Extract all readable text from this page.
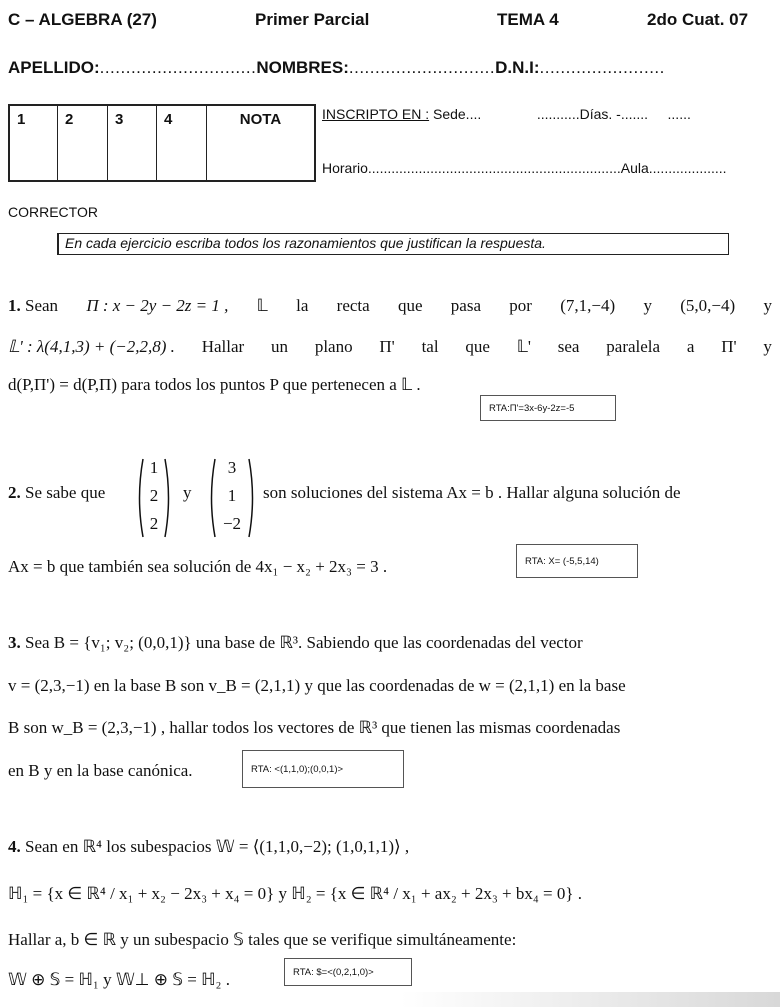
C – ALGEBRA (27)	Primer Parcial	TEMA 4	2do Cuat. 07
APELLIDO:..............................NOMBRES:............................D.N.I:........................
1	2	3	4	NOTA	INSCRIPTO EN : Sede....	...........Días. -.......     ......
Horario.................................................................Aula....................
CORRECTOR
En cada ejercicio escriba todos los razonamientos que justifican la respuesta.
1. Sean Π : x − 2y − 2z = 1 , 𝕃 la recta que pasa por (7,1,−4) y (5,0,−4) y
𝕃' : λ(4,1,3) + (−2,2,8) . Hallar un plano Π' tal que 𝕃' sea paralela a Π' y
d(P,Π') = d(P,Π) para todos los puntos P que pertenecen a 𝕃 .
RTA:Π'=3x-6y-2z=-5
2. Se sabe que
1
2
2
y
3
1
−2
son soluciones del sistema Ax = b . Hallar alguna solución de
Ax = b que también sea solución de 4x₁ − x₂ + 2x₃ = 3 .	RTA: X= (-5,5,14)
3. Sea B = {v₁; v₂; (0,0,1)} una base de ℝ³. Sabiendo que las coordenadas del vector
v = (2,3,−1) en la base B son v_B = (2,1,1) y que las coordenadas de w = (2,1,1) en la base
B son w_B = (2,3,−1) , hallar todos los vectores de ℝ³ que tienen las mismas coordenadas
en B y en la base canónica.	RTA: <(1,1,0);(0,0,1)>
4. Sean en ℝ⁴ los subespacios 𝕎 = ⟨(1,1,0,−2); (1,0,1,1)⟩ ,
ℍ₁ = {x ∈ ℝ⁴ / x₁ + x₂ − 2x₃ + x₄ = 0} y ℍ₂ = {x ∈ ℝ⁴ / x₁ + ax₂ + 2x₃ + bx₄ = 0} .
Hallar a, b ∈ ℝ y un subespacio 𝕊 tales que se verifique simultáneamente:
𝕎 ⊕ 𝕊 = ℍ₁ y 𝕎⊥ ⊕ 𝕊 = ℍ₂ .	RTA: $=<(0,2,1,0)>
